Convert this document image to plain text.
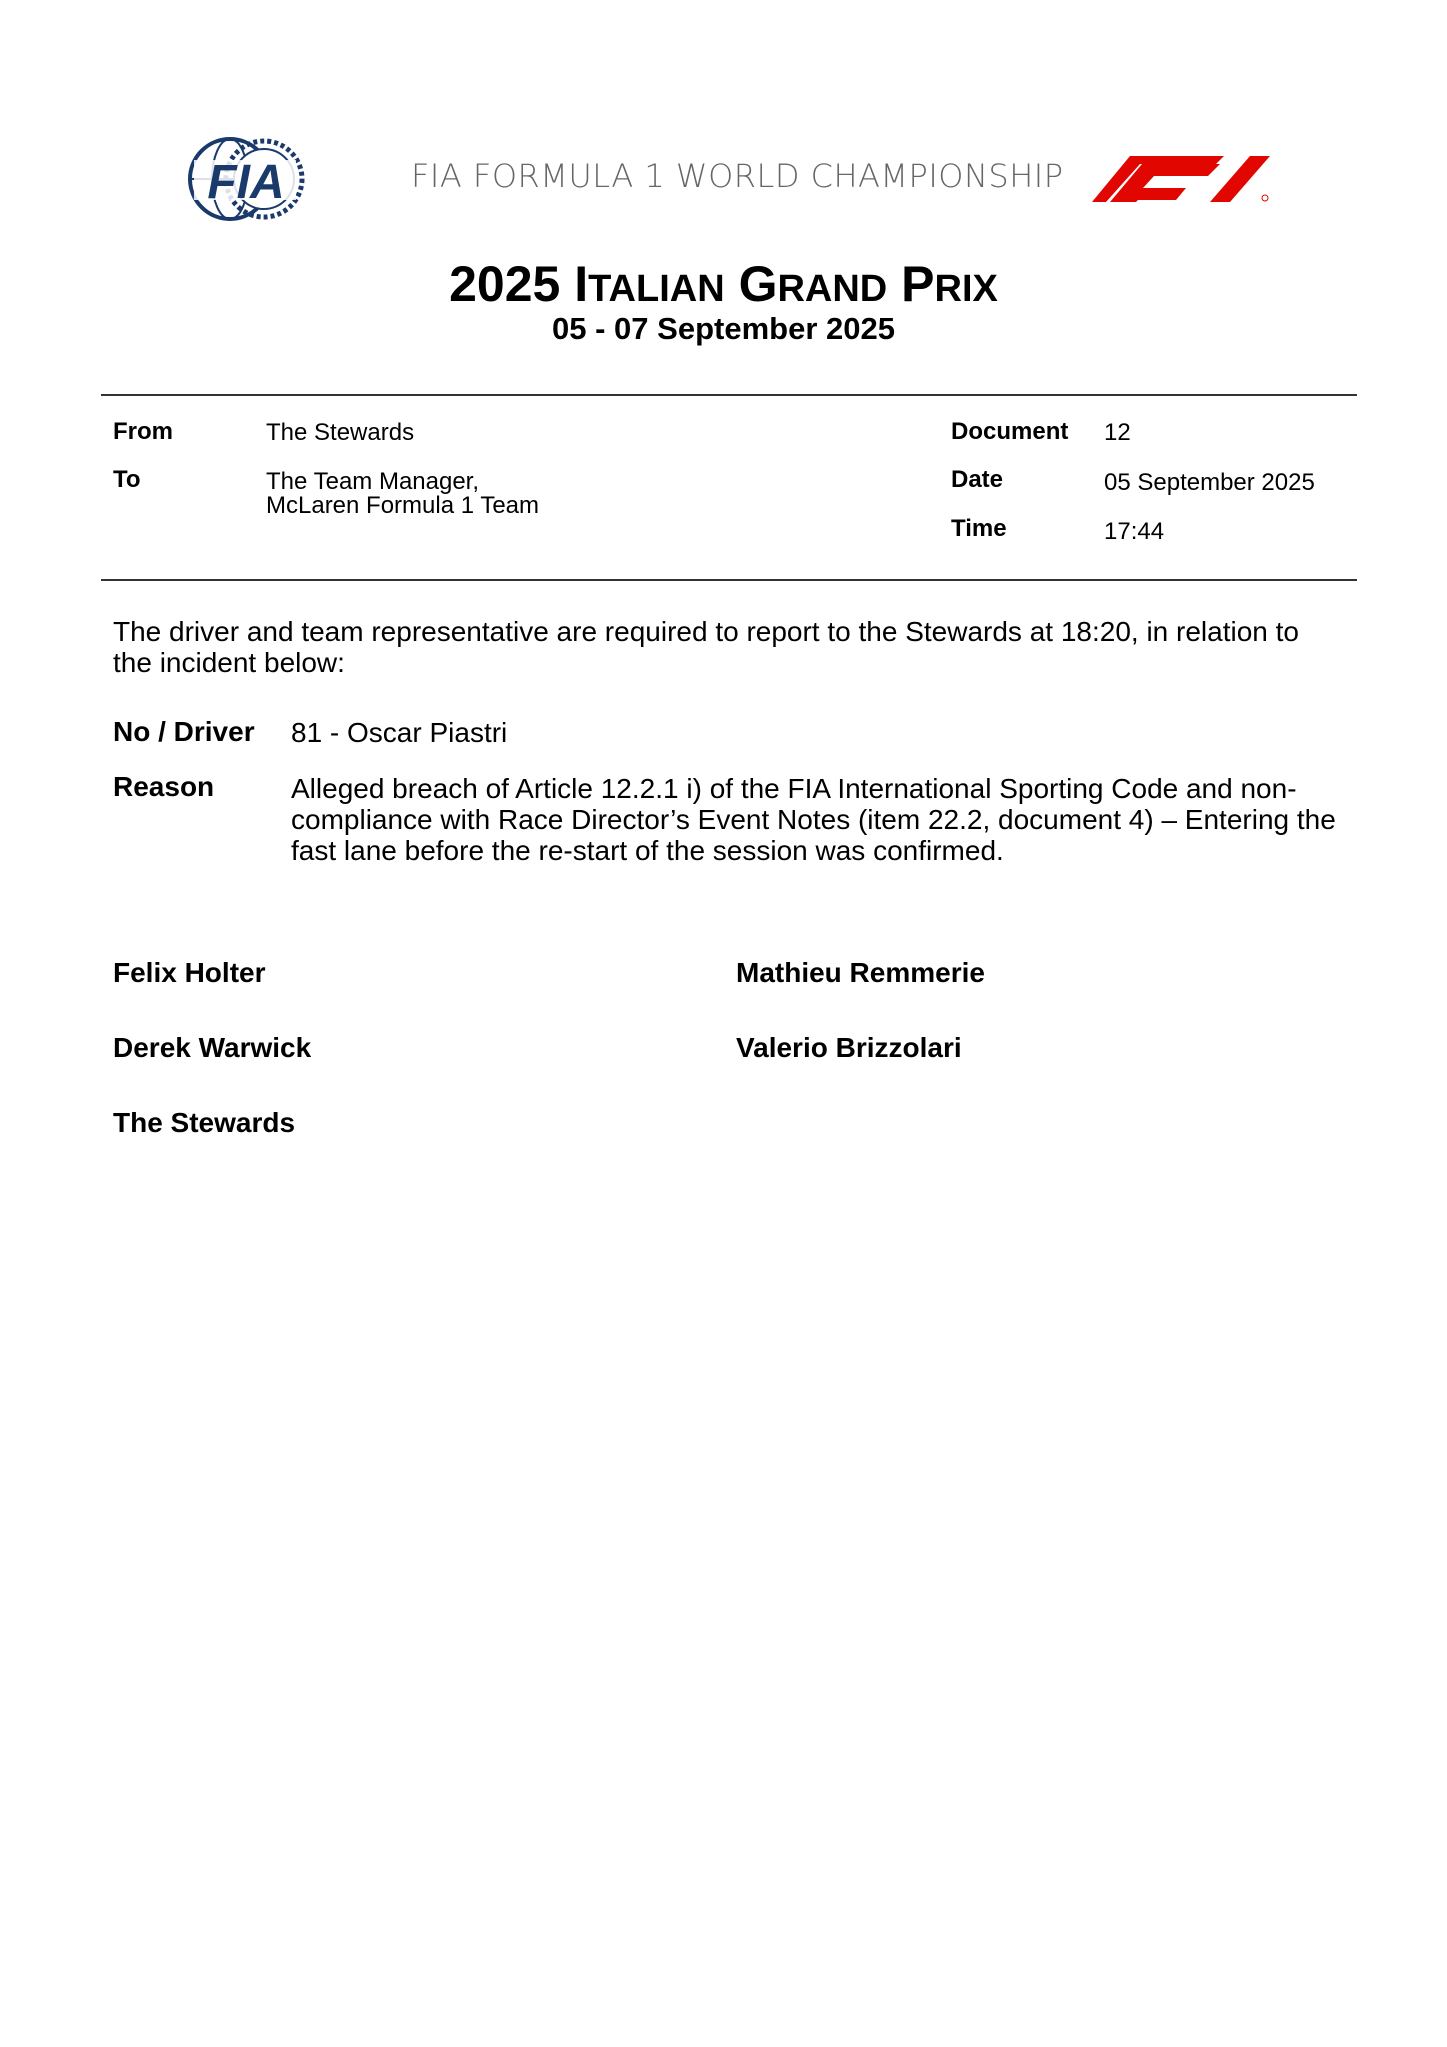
FIA	FIA FORMULA 1 WORLD CHAMPIONSHIP
2025 ITALIAN GRAND PRIX
05 - 07 September 2025
From	The Stewards
To	The Team Manager,
McLaren Formula 1 Team
Document 12
Date	05 September 2025
Time	17:44
The driver and team representative are required to report to the Stewards at 18:20, in relation to the incident below:
No / Driver 81 - Oscar Piastri
Reason	Alleged breach of Article 12.2.1 i) of the FIA International Sporting Code and non-compliance with Race Director’s Event Notes (item 22.2, document 4) – Entering the fast lane before the re-start of the session was confirmed.
Felix Holter	Mathieu Remmerie
Derek Warwick	Valerio Brizzolari
The Stewards
